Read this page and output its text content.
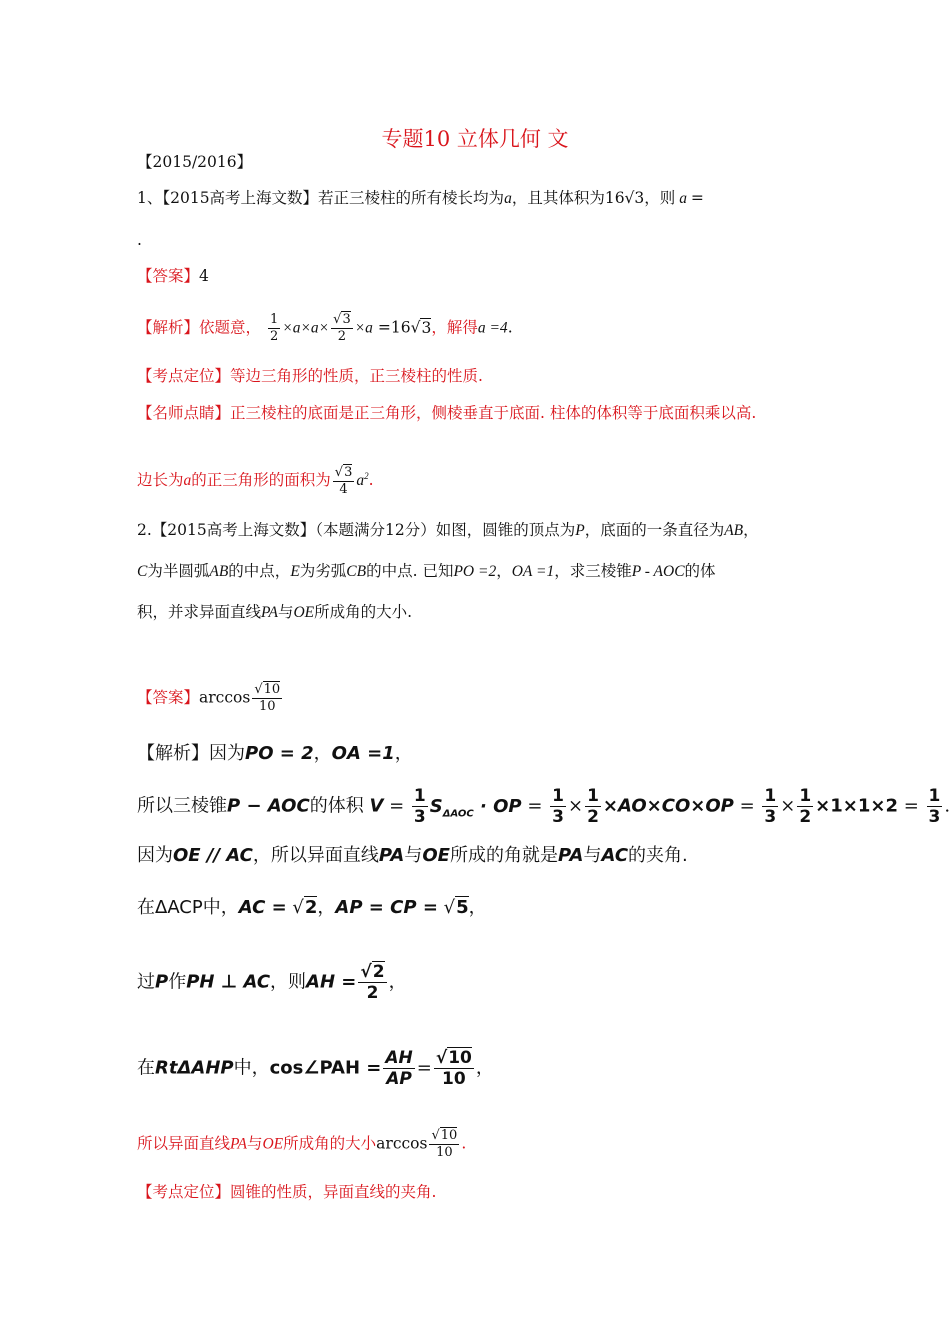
专题10 立体几何 文
【2015/2016】
1、【2015高考上海文数】若正三棱柱的所有棱长均为a，且其体积为16√3，则 a =
.
【答案】4
【解析】依题意， $\frac{1}{2} \times a\times a\times \frac{√3}{2} \times a =16√3$，解得a =4.
【考点定位】等边三角形的性质，正三棱柱的性质.
【名师点睛】正三棱柱的底面是正三角形，侧棱垂直于底面. 柱体的体积等于底面积乘以高.
边长为a的正三角形的面积为 $\frac{√3}{4} a^2$.
2.【2015高考上海文数】（本题满分12分）如图，圆锥的顶点为P，底面的一条直径为AB，
C为半圆弧AB的中点，E为劣弧CB的中点. 已知PO =2，OA =1，求三棱锥P - AOC的体
积，并求异面直线PA与OE所成角的大小.
【答案】$\arccos \frac{√10}{10}$
【解析】因为PO = 2，OA =1，
所以三棱锥P − AOC的体积 $V = \frac{1}{3} S_{\Delta AOC}$ · OP = $\frac{1}{3} \times \frac{1}{2} \times AO\times CO\times OP = \frac{1}{3} \times \frac{1}{2} \times 1\times 1\times 2 = \frac{1}{3}$ .
因为OE // AC，所以异面直线PA与OE所成的角就是PA与AC的夹角.
在ΔACP中，AC = √2，AP = CP = √5，
过P作PH ⊥ AC，则AH = $\frac{√2}{2}$ ，
在RtΔAHP中，cos∠PAH = $\frac{AH}{AP} = \frac{√10}{10}$ ，
所以异面直线PA与OE所成角的大小$\arccos \frac{√10}{10}$ .
【考点定位】圆锥的性质，异面直线的夹角.
